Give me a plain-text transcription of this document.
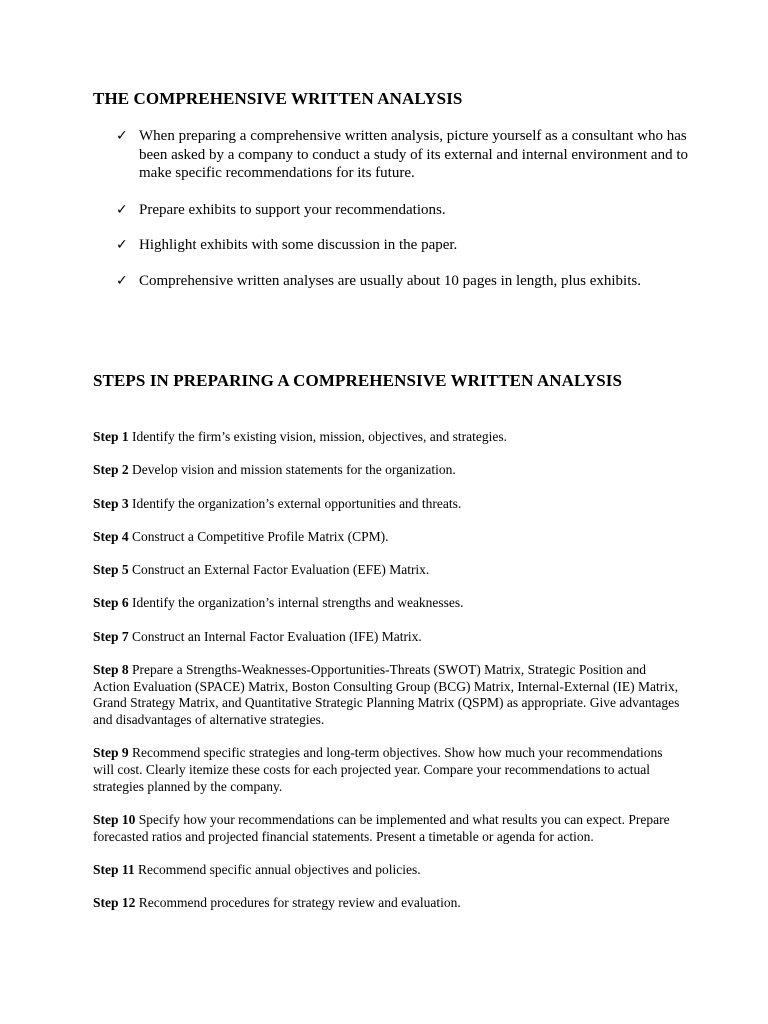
THE COMPREHENSIVE WRITTEN ANALYSIS
✓ When preparing a comprehensive written analysis, picture yourself as a consultant who has been asked by a company to conduct a study of its external and internal environment and to make specific recommendations for its future.
✓ Prepare exhibits to support your recommendations.
✓ Highlight exhibits with some discussion in the paper.
✓ Comprehensive written analyses are usually about 10 pages in length, plus exhibits.
STEPS IN PREPARING A COMPREHENSIVE WRITTEN ANALYSIS
Step 1 Identify the firm’s existing vision, mission, objectives, and strategies.
Step 2 Develop vision and mission statements for the organization.
Step 3 Identify the organization’s external opportunities and threats.
Step 4 Construct a Competitive Profile Matrix (CPM).
Step 5 Construct an External Factor Evaluation (EFE) Matrix.
Step 6 Identify the organization’s internal strengths and weaknesses.
Step 7 Construct an Internal Factor Evaluation (IFE) Matrix.
Step 8 Prepare a Strengths-Weaknesses-Opportunities-Threats (SWOT) Matrix, Strategic Position and Action Evaluation (SPACE) Matrix, Boston Consulting Group (BCG) Matrix, Internal-External (IE) Matrix, Grand Strategy Matrix, and Quantitative Strategic Planning Matrix (QSPM) as appropriate. Give advantages and disadvantages of alternative strategies.
Step 9 Recommend specific strategies and long-term objectives. Show how much your recommendations will cost. Clearly itemize these costs for each projected year. Compare your recommendations to actual strategies planned by the company.
Step 10 Specify how your recommendations can be implemented and what results you can expect. Prepare forecasted ratios and projected financial statements. Present a timetable or agenda for action.
Step 11 Recommend specific annual objectives and policies.
Step 12 Recommend procedures for strategy review and evaluation.
